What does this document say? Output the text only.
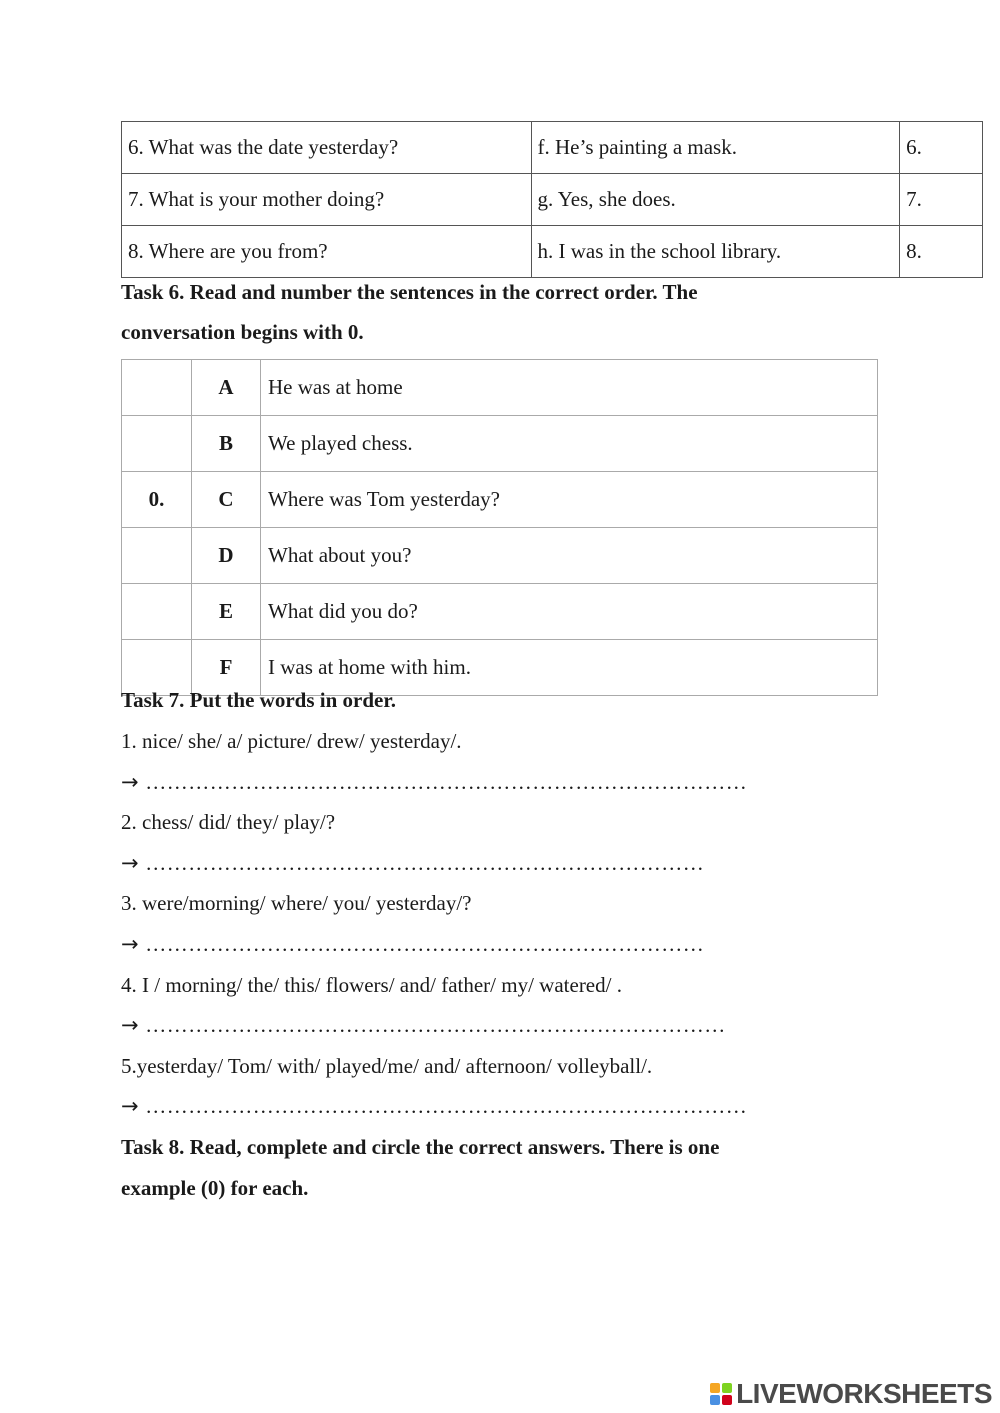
6. What was the date yesterday?	f. He’s painting a mask.	6.
7. What is your mother doing?	g. Yes, she does.	7.
8. Where are you from?	h. I was in the school library.	8.
Task 6. Read and number the sentences in the correct order. The
conversation begins with 0.
	A	He was at home
	B	We played chess.
0.	C	Where was Tom yesterday?
	D	What about you?
	E	What did you do?
	F	I was at home with him.
Task 7. Put the words in order.
1. nice/ she/ a/ picture/ drew/ yesterday/.
→ …………………………………………………………………………
2. chess/ did/ they/ play/?
→ ……………………………………………………………………
3. were/morning/ where/ you/ yesterday/?
→ ……………………………………………………………………
4. I / morning/ the/ this/ flowers/ and/ father/ my/ watered/ .
→ ………………………………………………………………………
5.yesterday/ Tom/ with/ played/me/ and/ afternoon/ volleyball/.
→ …………………………………………………………………………
Task 8. Read, complete and circle the correct answers. There is one
example (0) for each.
LIVEWORKSHEETS
